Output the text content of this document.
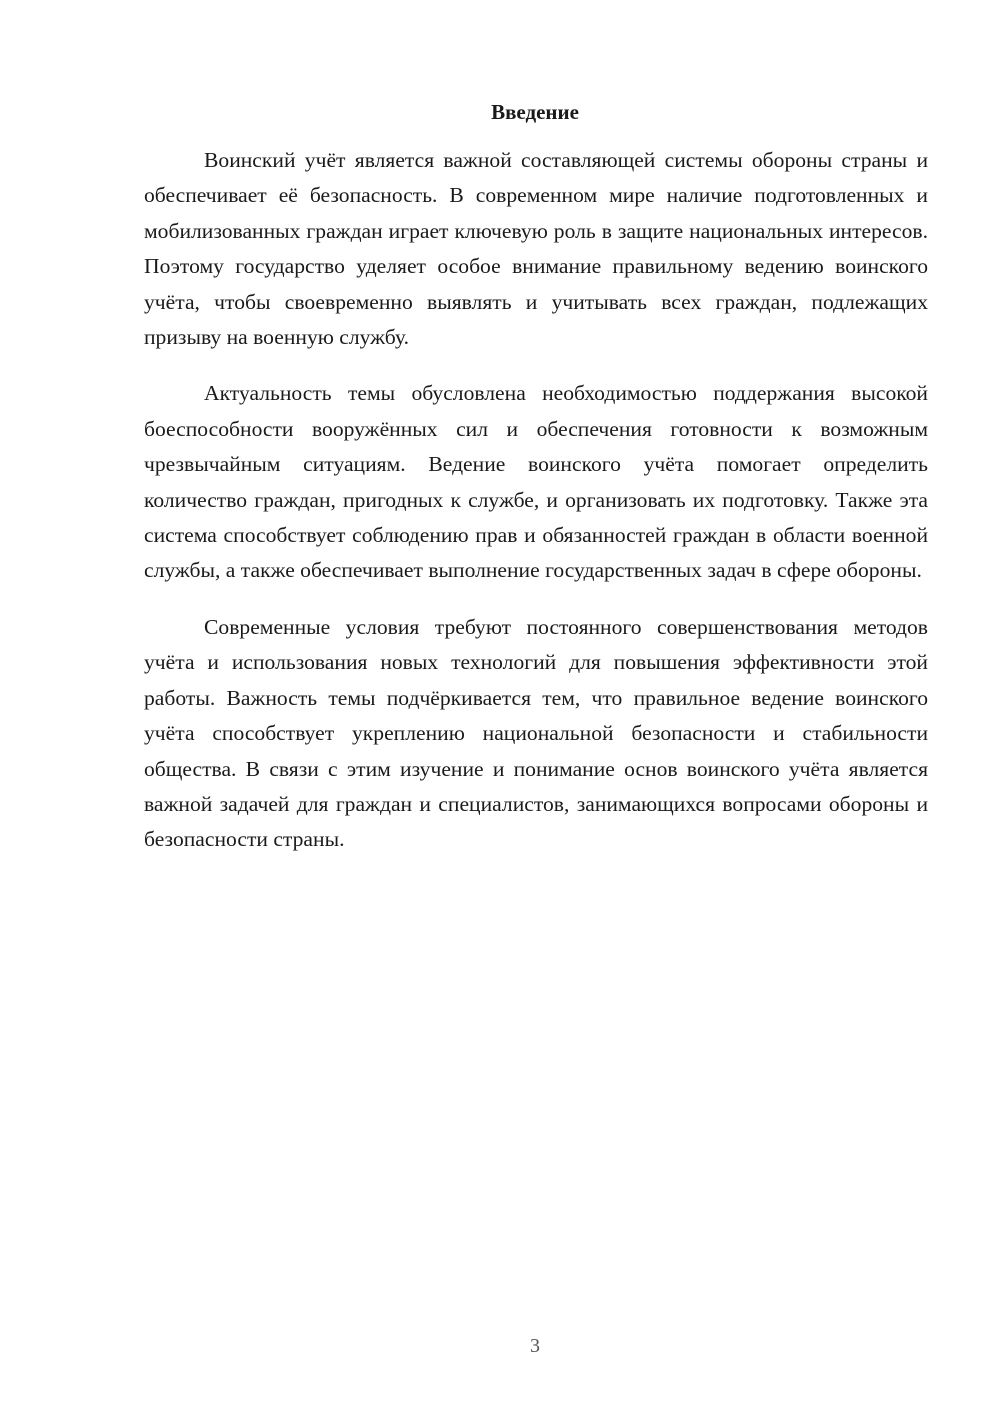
Введение

Воинский учёт является важной составляющей системы обороны страны и обеспечивает её безопасность. В современном мире наличие подготовленных и мобилизованных граждан играет ключевую роль в защите национальных интересов. Поэтому государство уделяет особое внимание правильному ведению воинского учёта, чтобы своевременно выявлять и учитывать всех граждан, подлежащих призыву на военную службу.

Актуальность темы обусловлена необходимостью поддержания высокой боеспособности вооружённых сил и обеспечения готовности к возможным чрезвычайным ситуациям. Ведение воинского учёта помогает определить количество граждан, пригодных к службе, и организовать их подготовку. Также эта система способствует соблюдению прав и обязанностей граждан в области военной службы, а также обеспечивает выполнение государственных задач в сфере обороны.

Современные условия требуют постоянного совершенствования методов учёта и использования новых технологий для повышения эффективности этой работы. Важность темы подчёркивается тем, что правильное ведение воинского учёта способствует укреплению национальной безопасности и стабильности общества. В связи с этим изучение и понимание основ воинского учёта является важной задачей для граждан и специалистов, занимающихся вопросами обороны и безопасности страны.

3
